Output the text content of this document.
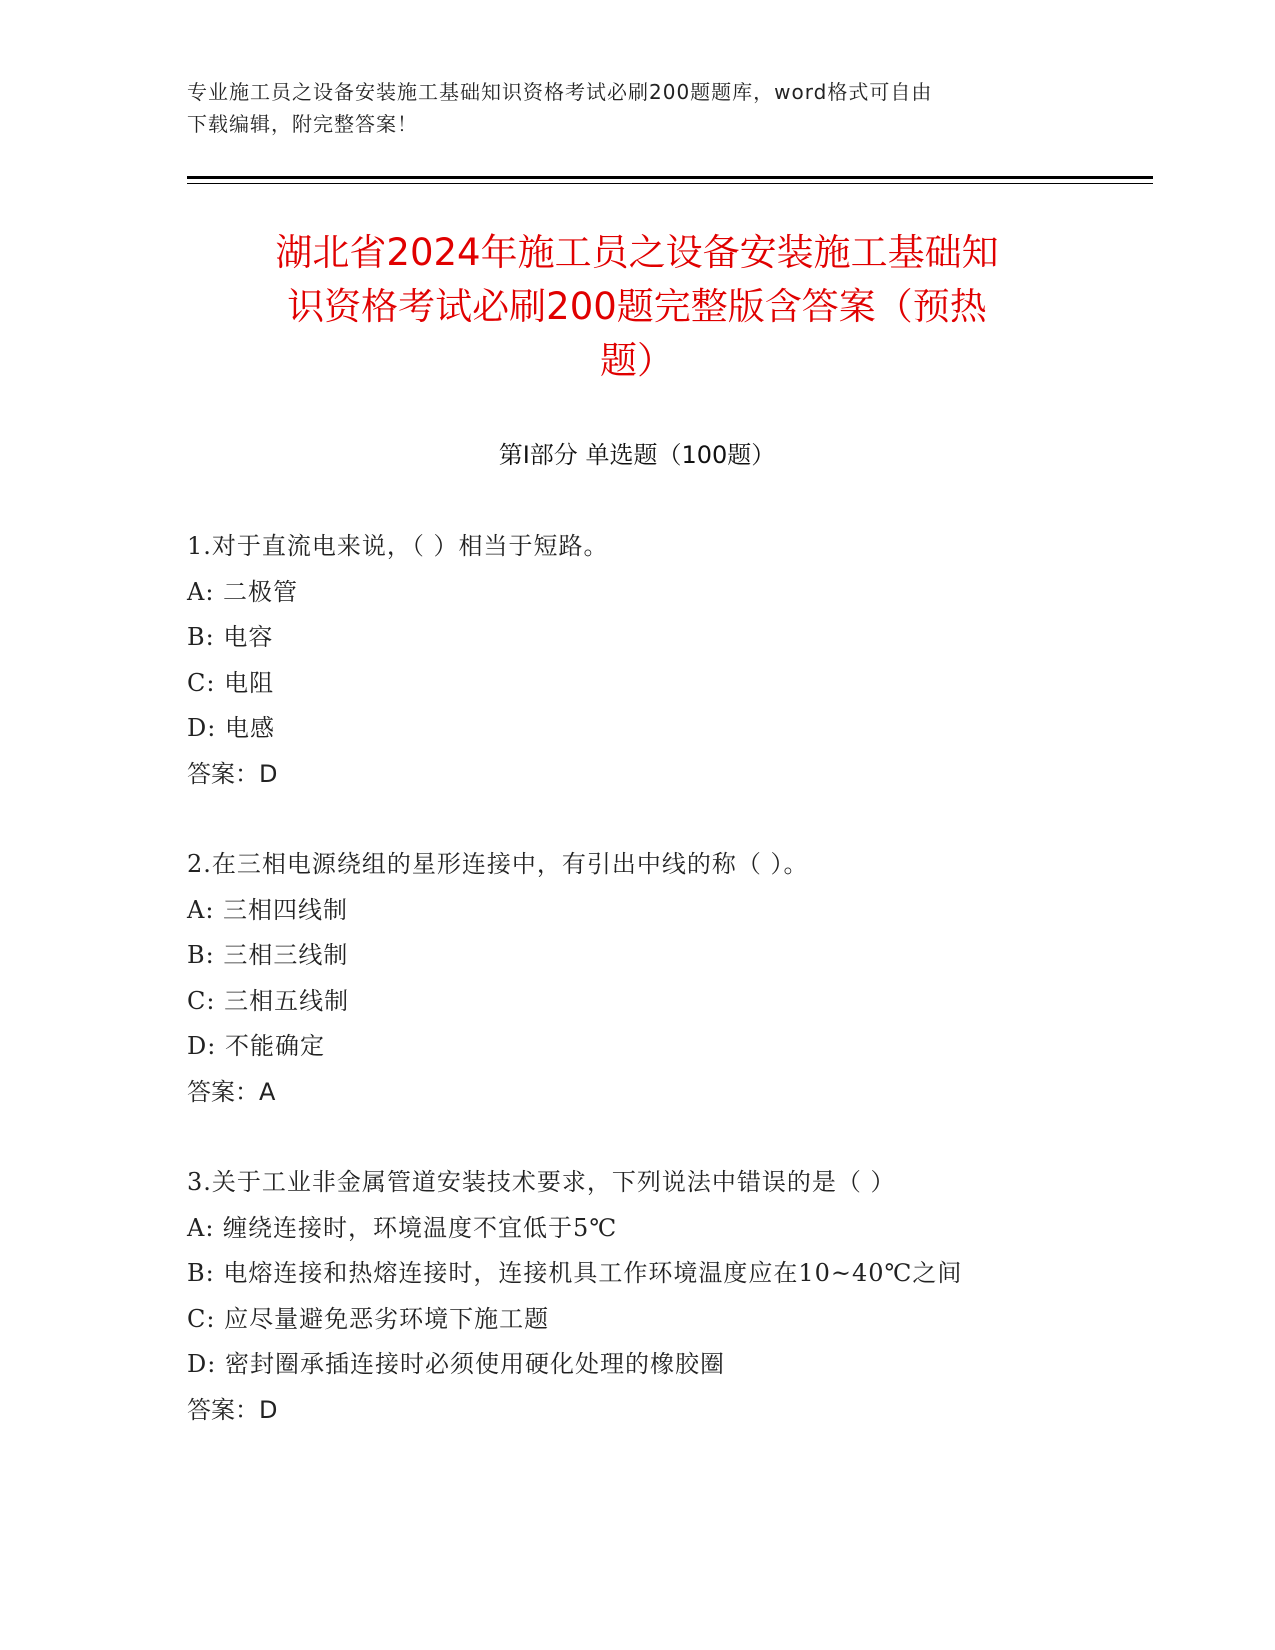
专业施工员之设备安装施工基础知识资格考试必刷200题题库，word格式可自由
下载编辑，附完整答案！
湖北省2024年施工员之设备安装施工基础知
识资格考试必刷200题完整版含答案（预热
题）
第Ⅰ部分 单选题（100题）
1.对于直流电来说，（ ）相当于短路。
A: 二极管
B: 电容
C: 电阻
D: 电感
答案：D
2.在三相电源绕组的星形连接中，有引出中线的称（ ）。
A: 三相四线制
B: 三相三线制
C: 三相五线制
D: 不能确定
答案：A
3.关于工业非金属管道安装技术要求，下列说法中错误的是（ ）
A: 缠绕连接时，环境温度不宜低于5℃
B: 电熔连接和热熔连接时，连接机具工作环境温度应在10~40℃之间
C: 应尽量避免恶劣环境下施工题
D: 密封圈承插连接时必须使用硬化处理的橡胶圈
答案：D
